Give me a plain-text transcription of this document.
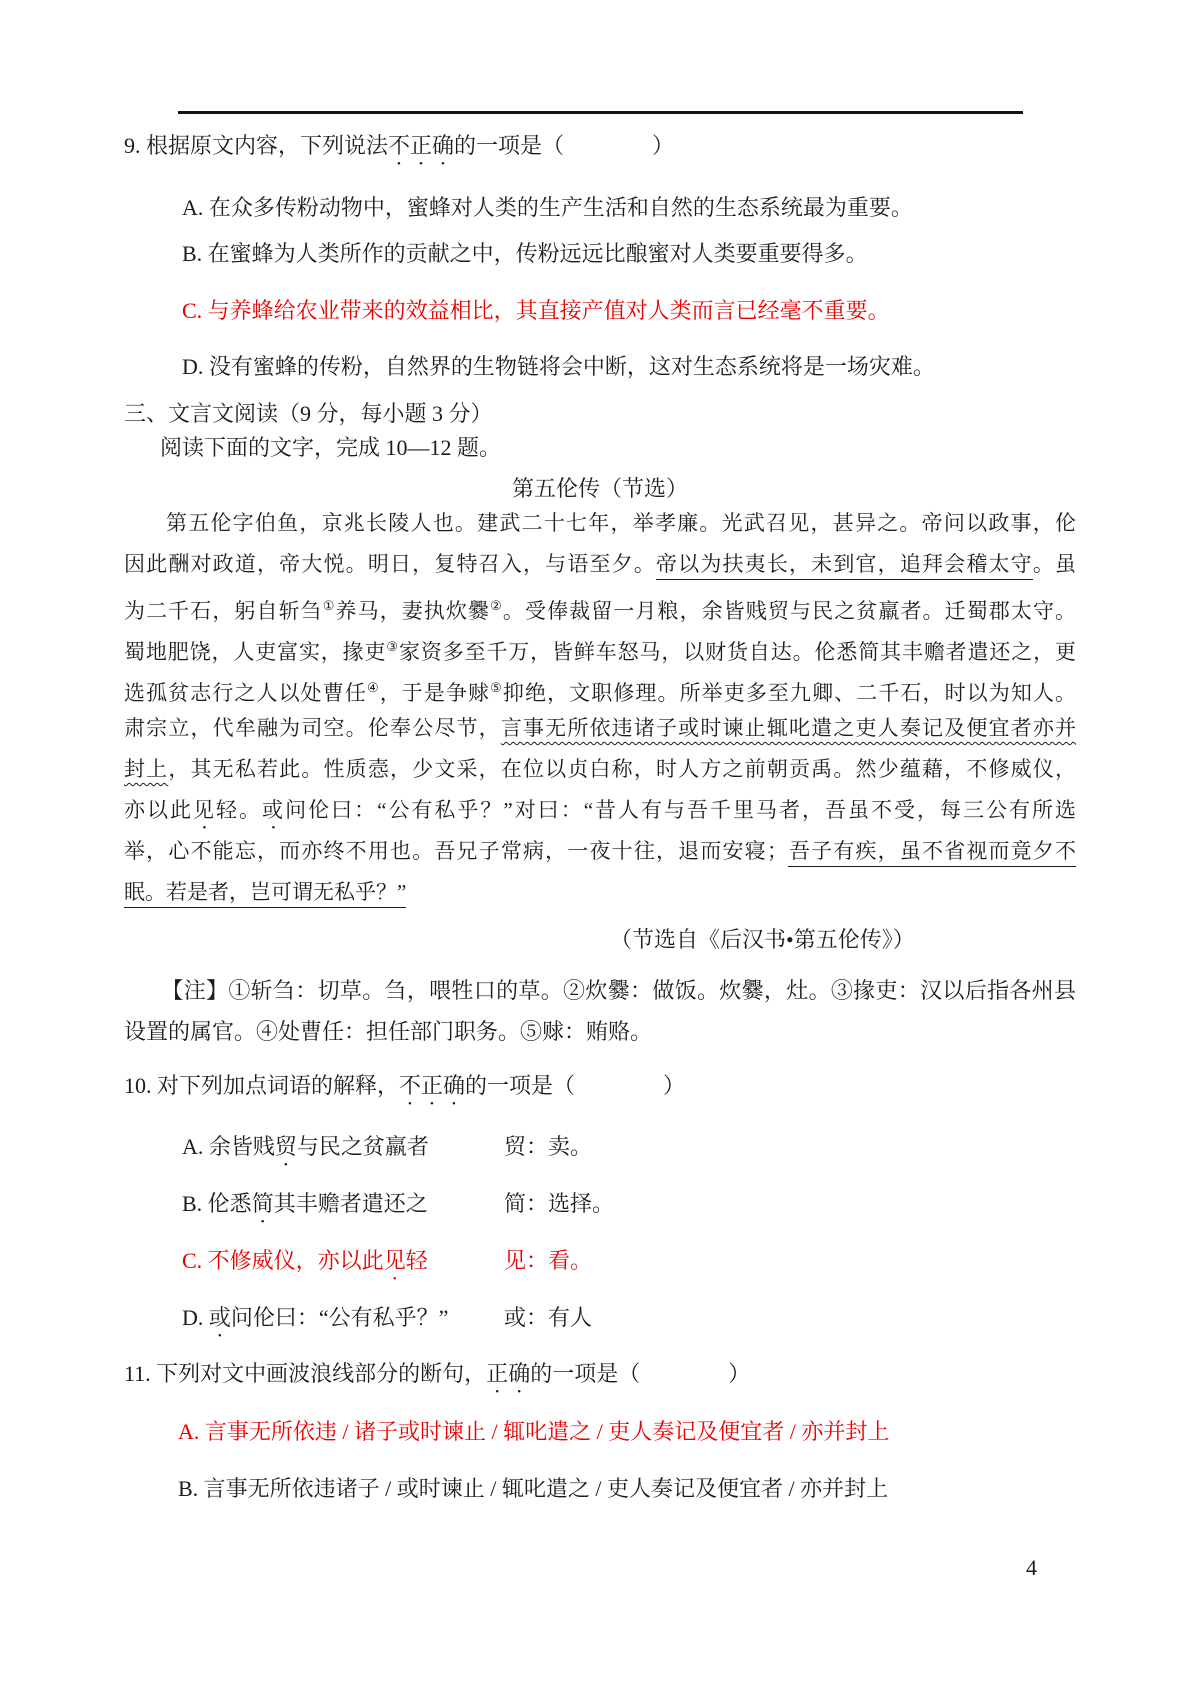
9. 根据原文内容，下列说法不正确的一项是（　　　　）
A. 在众多传粉动物中，蜜蜂对人类的生产生活和自然的生态系统最为重要。
B. 在蜜蜂为人类所作的贡献之中，传粉远远比酿蜜对人类要重要得多。
C. 与养蜂给农业带来的效益相比，其直接产值对人类而言已经毫不重要。
D. 没有蜜蜂的传粉，自然界的生物链将会中断，这对生态系统将是一场灾难。
三、文言文阅读（9 分，每小题 3 分）
阅读下面的文字，完成 10—12 题。
第五伦传（节选）
第五伦字伯鱼，京兆长陵人也。建武二十七年，举孝廉。光武召见，甚异之。帝问以政事，伦
因此酬对政道，帝大悦。明日，复特召入，与语至夕。帝以为扶夷长，未到官，追拜会稽太守。虽
为二千石，躬自斩刍①养马，妻执炊爨②。受俸裁留一月粮，余皆贱贸与民之贫羸者。迁蜀郡太守。
蜀地肥饶，人吏富实，掾吏③家资多至千万，皆鲜车怒马，以财货自达。伦悉简其丰赡者遣还之，更
选孤贫志行之人以处曹任④，于是争赇⑤抑绝，文职修理。所举吏多至九卿、二千石，时以为知人。
肃宗立，代牟融为司空。伦奉公尽节，言事无所依违诸子或时谏止辄叱遣之吏人奏记及便宜者亦并
封上，其无私若此。性质悫，少文采，在位以贞白称，时人方之前朝贡禹。然少蕴藉，不修威仪，
亦以此见轻。或问伦曰：“公有私乎？”对曰：“昔人有与吾千里马者，吾虽不受，每三公有所选
举，心不能忘，而亦终不用也。吾兄子常病，一夜十往，退而安寝；吾子有疾，虽不省视而竟夕不
眠。若是者，岂可谓无私乎？”
（节选自《后汉书•第五伦传》）
【注】①斩刍：切草。刍，喂牲口的草。②炊爨：做饭。炊爨，灶。③掾吏：汉以后指各州县
设置的属官。④处曹任：担任部门职务。⑤赇：贿赂。
10. 对下列加点词语的解释，不正确的一项是（　　　　）
A. 余皆贱贸与民之贫羸者	贸：卖。
B. 伦悉简其丰赡者遣还之	简：选择。
C. 不修威仪，亦以此见轻	见：看。
D. 或问伦曰：“公有私乎？”	或：有人
11. 下列对文中画波浪线部分的断句，正确的一项是（　　　　）
A. 言事无所依违 / 诸子或时谏止 / 辄叱遣之 / 吏人奏记及便宜者 / 亦并封上
B. 言事无所依违诸子 / 或时谏止 / 辄叱遣之 / 吏人奏记及便宜者 / 亦并封上
4
